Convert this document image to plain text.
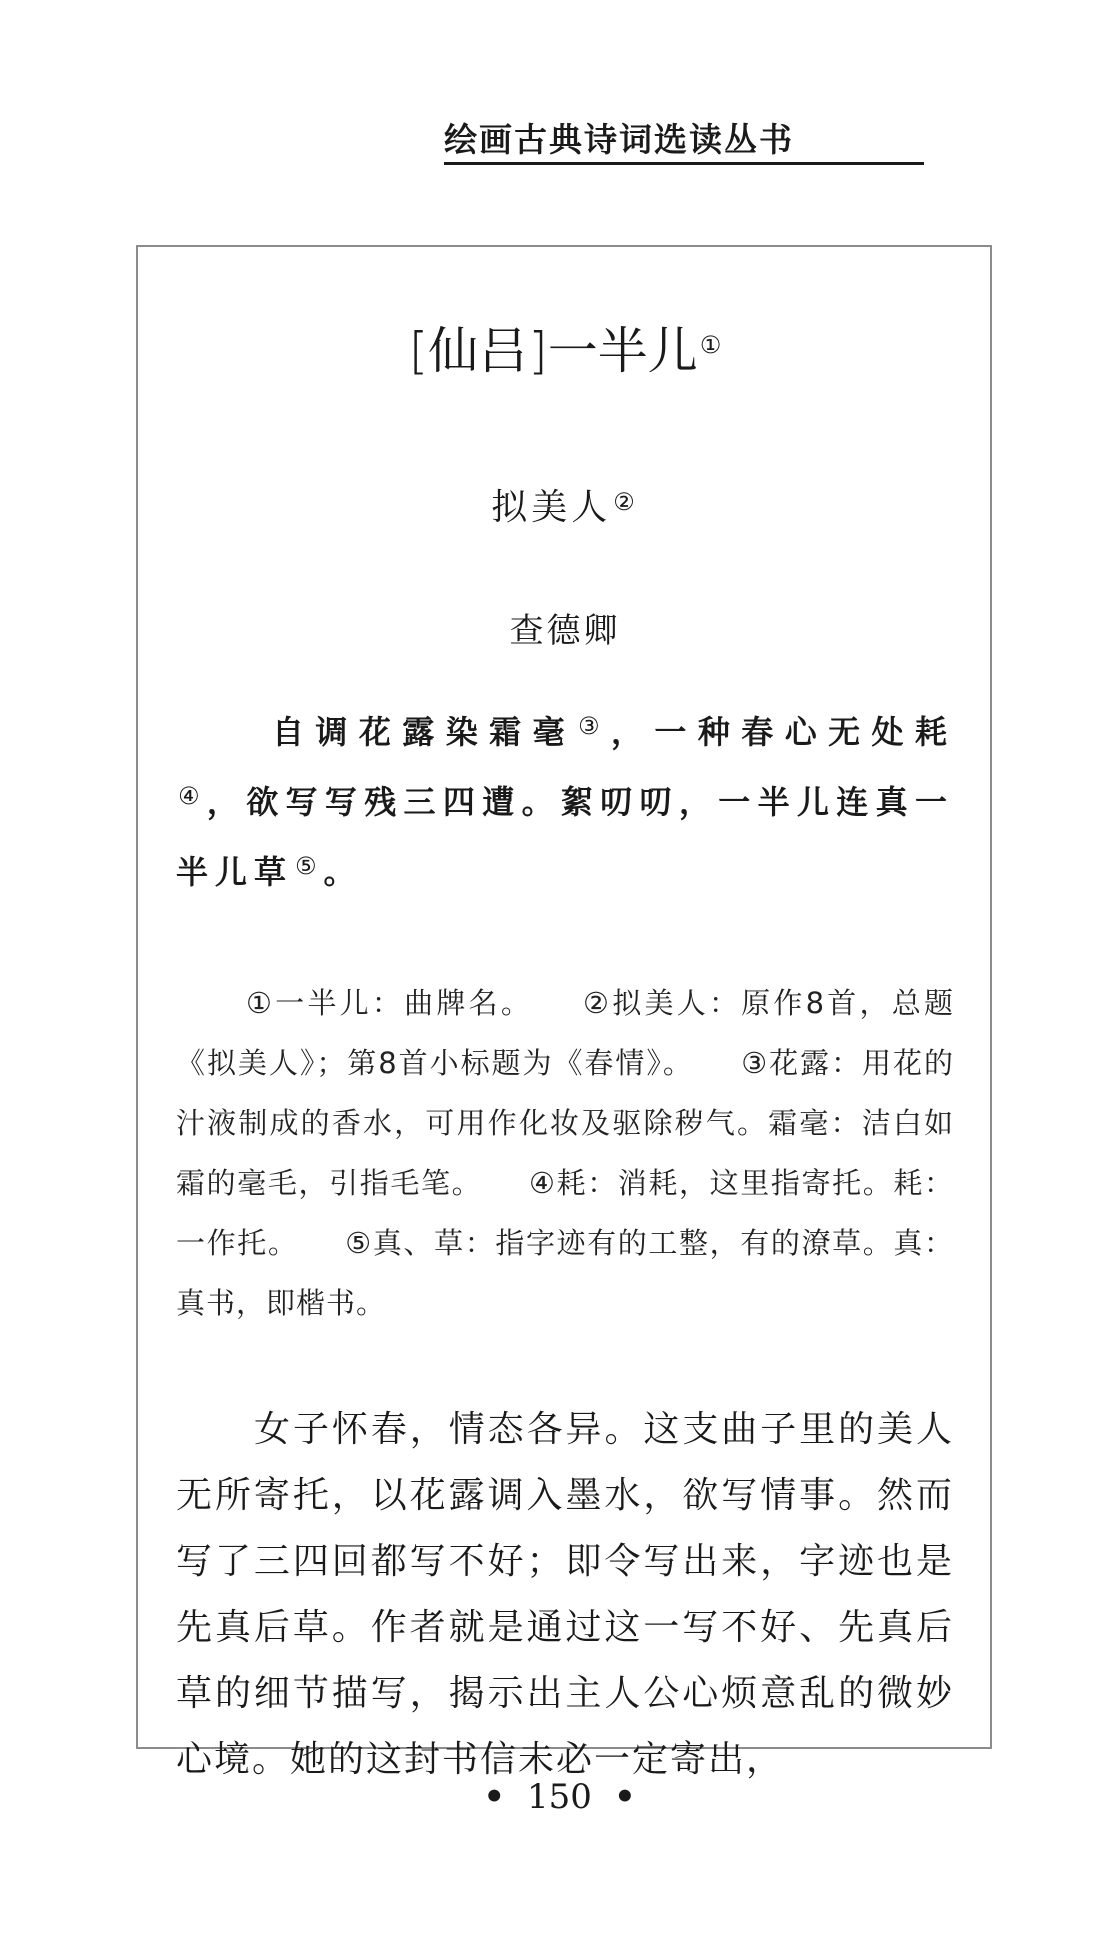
绘画古典诗词选读丛书
[仙吕]一半儿①
拟美人②
查德卿
自调花露染霜毫③，一种春心无处耗④，欲写写残三四遭。絮叨叨，一半儿连真一半儿草⑤。
①一半儿：曲牌名。　　 ②拟美人：原作8首，总题《拟美人》；第8首小标题为《春情》。　　 ③花露：用花的汁液制成的香水，可用作化妆及驱除秽气。霜毫：洁白如霜的毫毛，引指毛笔。　　 ④耗：消耗，这里指寄托。耗：一作托。　　 ⑤真、草：指字迹有的工整，有的潦草。真：真书，即楷书。
女子怀春，情态各异。这支曲子里的美人无所寄托，以花露调入墨水，欲写情事。然而写了三四回都写不好；即令写出来，字迹也是先真后草。作者就是通过这一写不好、先真后草的细节描写，揭示出主人公心烦意乱的微妙心境。她的这封书信未必一定寄出，
• 150 •
